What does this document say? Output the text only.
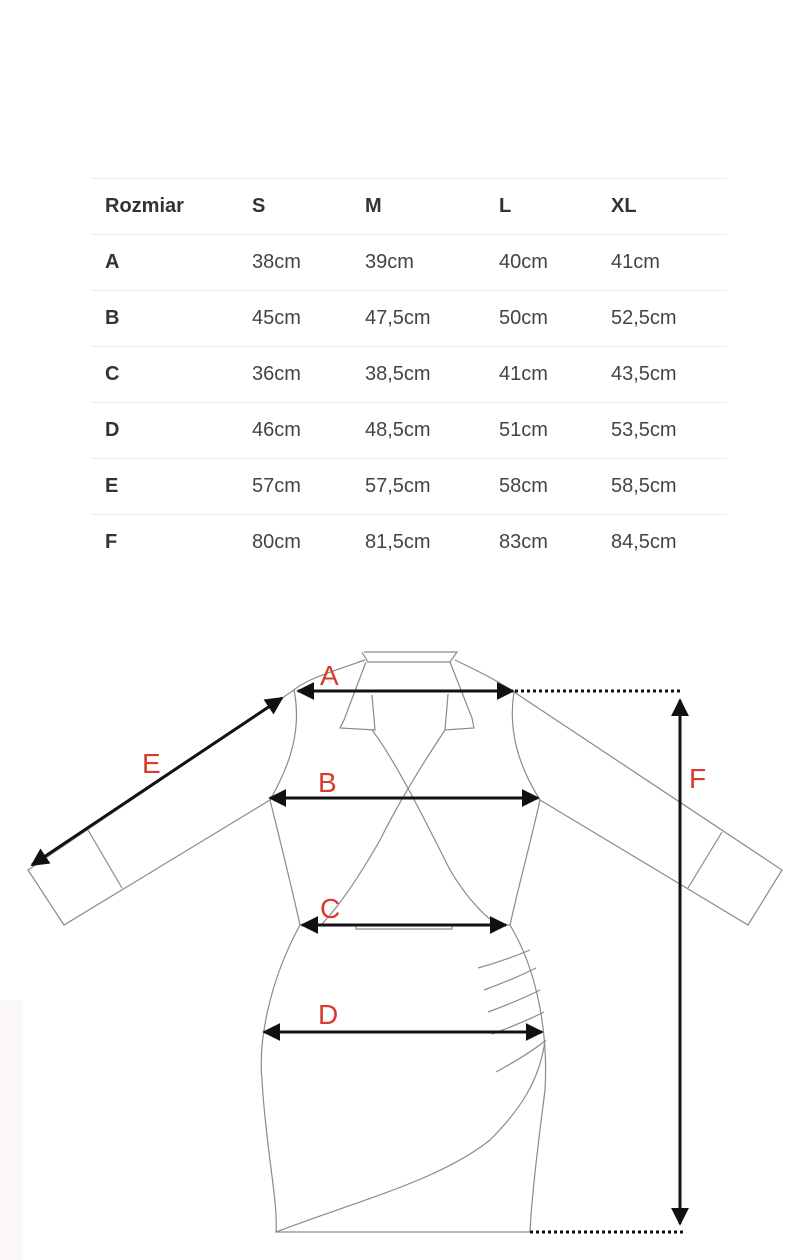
Rozmiar	S	M	L	XL
A	38cm	39cm	40cm	41cm
B	45cm	47,5cm	50cm	52,5cm
C	36cm	38,5cm	41cm	43,5cm
D	46cm	48,5cm	51cm	53,5cm
E	57cm	57,5cm	58cm	58,5cm
F	80cm	81,5cm	83cm	84,5cm
A
B
C
D
E	F
